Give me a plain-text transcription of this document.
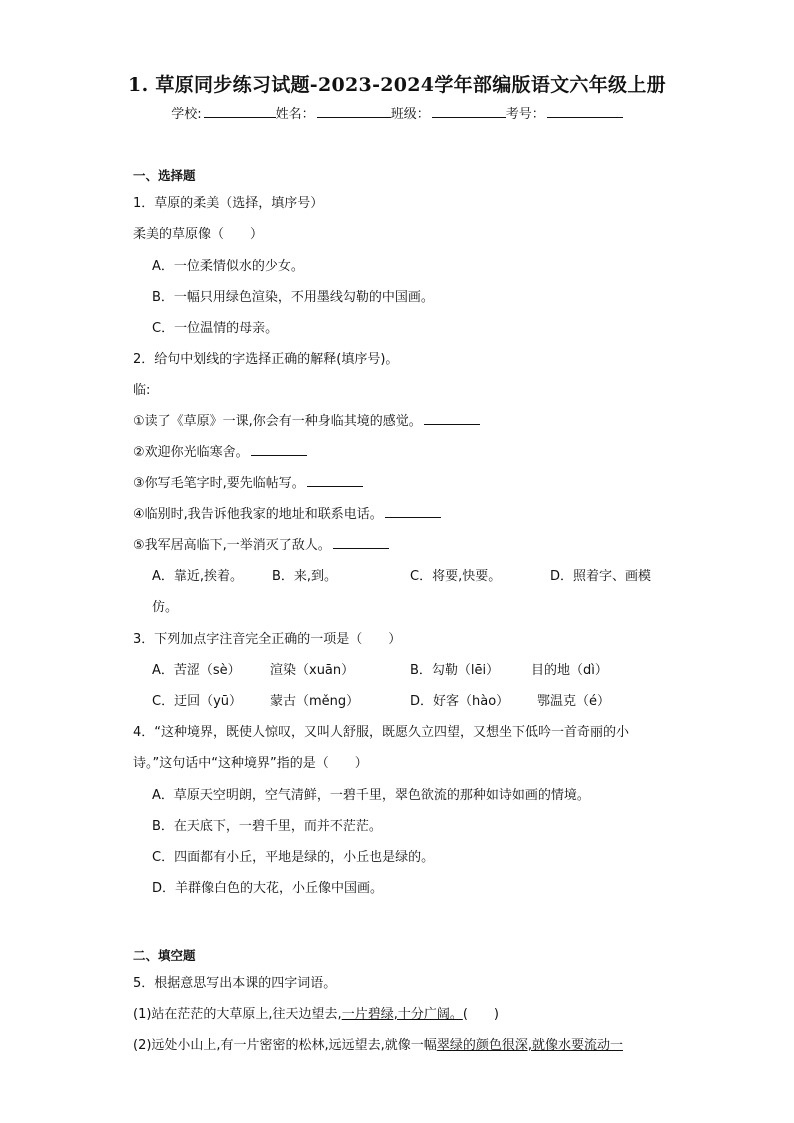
1. 草原同步练习试题-2023-2024学年部编版语文六年级上册
学校:	姓名：	班级：	考号：
一、选择题
1．草原的柔美（选择，填序号）
柔美的草原像（　　）
A．一位柔情似水的少女。
B．一幅只用绿色渲染，不用墨线勾勒的中国画。
C．一位温情的母亲。
2．给句中划线的字选择正确的解释(填序号)。
临:
①读了《草原》一课,你会有一种身临其境的感觉。
②欢迎你光临寒舍。
③你写毛笔字时,要先临帖写。
④临别时,我告诉他我家的地址和联系电话。
⑤我军居高临下,一举消灭了敌人。
A．靠近,挨着。 B．来,到。	C．将要,快要。	D．照着字、画模
仿。
3．下列加点字注音完全正确的一项是（　　）
A．苦涩（sè） 渲染（xuān）	B．勾勒（lēi） 目的地（dì）
C．迂回（yū） 蒙古（měng）	D．好客（hào） 鄂温克（é）
4．“这种境界，既使人惊叹，又叫人舒服，既愿久立四望，又想坐下低吟一首奇丽的小
诗。”这句话中“这种境界”指的是（　　）
A．草原天空明朗，空气清鲜，一碧千里，翠色欲流的那种如诗如画的情境。
B．在天底下，一碧千里，而并不茫茫。
C．四面都有小丘，平地是绿的，小丘也是绿的。
D．羊群像白色的大花，小丘像中国画。
二、填空题
5．根据意思写出本课的四字词语。
(1)站在茫茫的大草原上,往天边望去,一片碧绿,十分广阔。(　　)
(2)远处小山上,有一片密密的松林,远远望去,就像一幅翠绿的颜色很深,就像水要流动一
